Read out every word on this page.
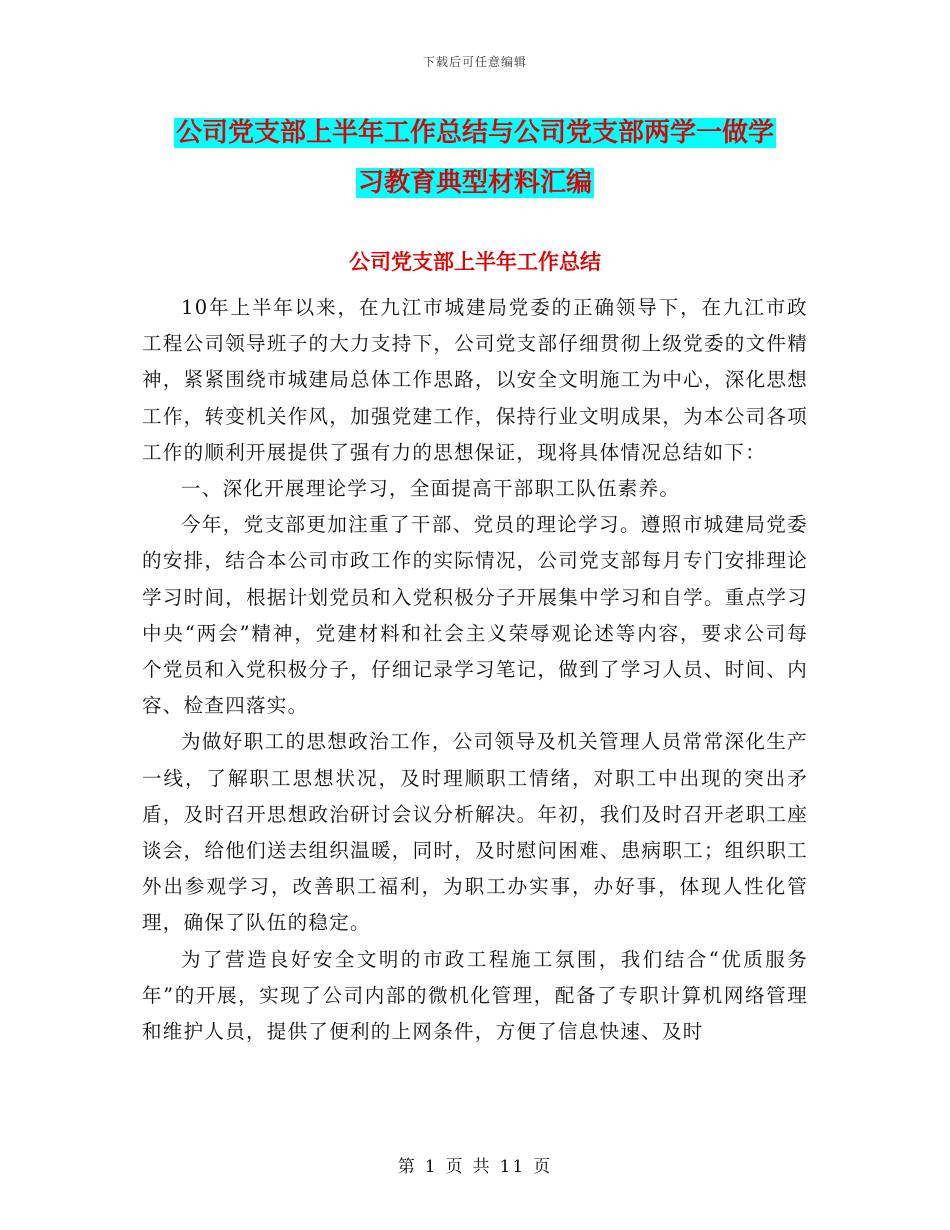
下载后可任意编辑
公司党支部上半年工作总结与公司党支部两学一做学
习教育典型材料汇编
公司党支部上半年工作总结

10年上半年以来，在九江市城建局党委的正确领导下，在九江市政工程公司领导班子的大力支持下，公司党支部仔细贯彻上级党委的文件精神，紧紧围绕市城建局总体工作思路，以安全文明施工为中心，深化思想工作，转变机关作风，加强党建工作，保持行业文明成果，为本公司各项工作的顺利开展提供了强有力的思想保证，现将具体情况总结如下：

一、深化开展理论学习，全面提高干部职工队伍素养。

今年，党支部更加注重了干部、党员的理论学习。遵照市城建局党委的安排，结合本公司市政工作的实际情况，公司党支部每月专门安排理论学习时间，根据计划党员和入党积极分子开展集中学习和自学。重点学习中央“两会”精神，党建材料和社会主义荣辱观论述等内容，要求公司每个党员和入党积极分子，仔细记录学习笔记，做到了学习人员、时间、内容、检查四落实。

为做好职工的思想政治工作，公司领导及机关管理人员常常深化生产一线，了解职工思想状况，及时理顺职工情绪，对职工中出现的突出矛盾，及时召开思想政治研讨会议分析解决。年初，我们及时召开老职工座谈会，给他们送去组织温暖，同时，及时慰问困难、患病职工；组织职工外出参观学习，改善职工福利，为职工办实事，办好事，体现人性化管理，确保了队伍的稳定。

为了营造良好安全文明的市政工程施工氛围，我们结合“优质服务年”的开展，实现了公司内部的微机化管理，配备了专职计算机网络管理和维护人员，提供了便利的上网条件，方便了信息快速、及时

第 1 页 共 11 页
